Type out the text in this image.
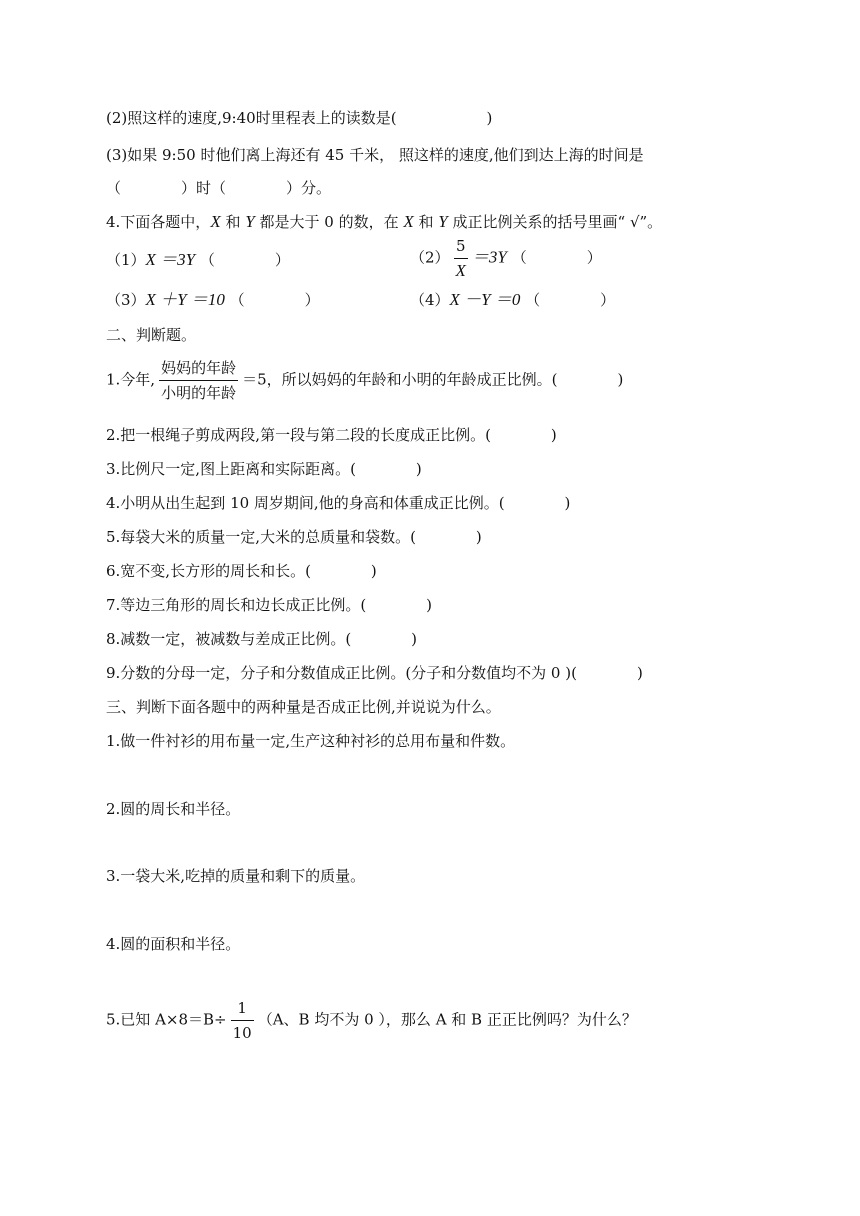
(2)照这样的速度,9:40时里程表上的读数是(　　　　　　)
(3)如果 9:50 时他们离上海还有 45 千米， 照这样的速度,他们到达上海的时间是
（　　　　）时（　　　　）分。
4.下面各题中，X 和 Y 都是大于 0 的数，在 X 和 Y 成正比例关系的括号里画“ √”。
（1）X ＝3Y （　　　　）	$(2) \frac{5}{X} =3Y$ （　　　　）
（3）X ＋Y ＝10 （　　　　）	（4）X －Y ＝0 （　　　　）
二、判断题。
1.今年, $\frac{\text{妈妈的年龄}}{\text{小明的年龄}} =5$，所以妈妈的年龄和小明的年龄成正比例。(　　　　)
2.把一根绳子剪成两段,第一段与第二段的长度成正比例。(　　　　)
3.比例尺一定,图上距离和实际距离。(　　　　)
4.小明从出生起到 10 周岁期间,他的身高和体重成正比例。(　　　　)
5.每袋大米的质量一定,大米的总质量和袋数。(　　　　)
6.宽不变,长方形的周长和长。(　　　　)
7.等边三角形的周长和边长成正比例。(　　　　)
8.减数一定，被减数与差成正比例。(　　　　)
9.分数的分母一定，分子和分数值成正比例。(分子和分数值均不为 0 )(　　　　)
三、判断下面各题中的两种量是否成正比例,并说说为什么。
1.做一件衬衫的用布量一定,生产这种衬衫的总用布量和件数。
2.圆的周长和半径。
3.一袋大米,吃掉的质量和剩下的质量。
4.圆的面积和半径。
5.已知 $A\times 8=B\div \frac{1}{10} (A$、B 均不为 0 ），那么 A 和 B 正正比例吗？为什么？
